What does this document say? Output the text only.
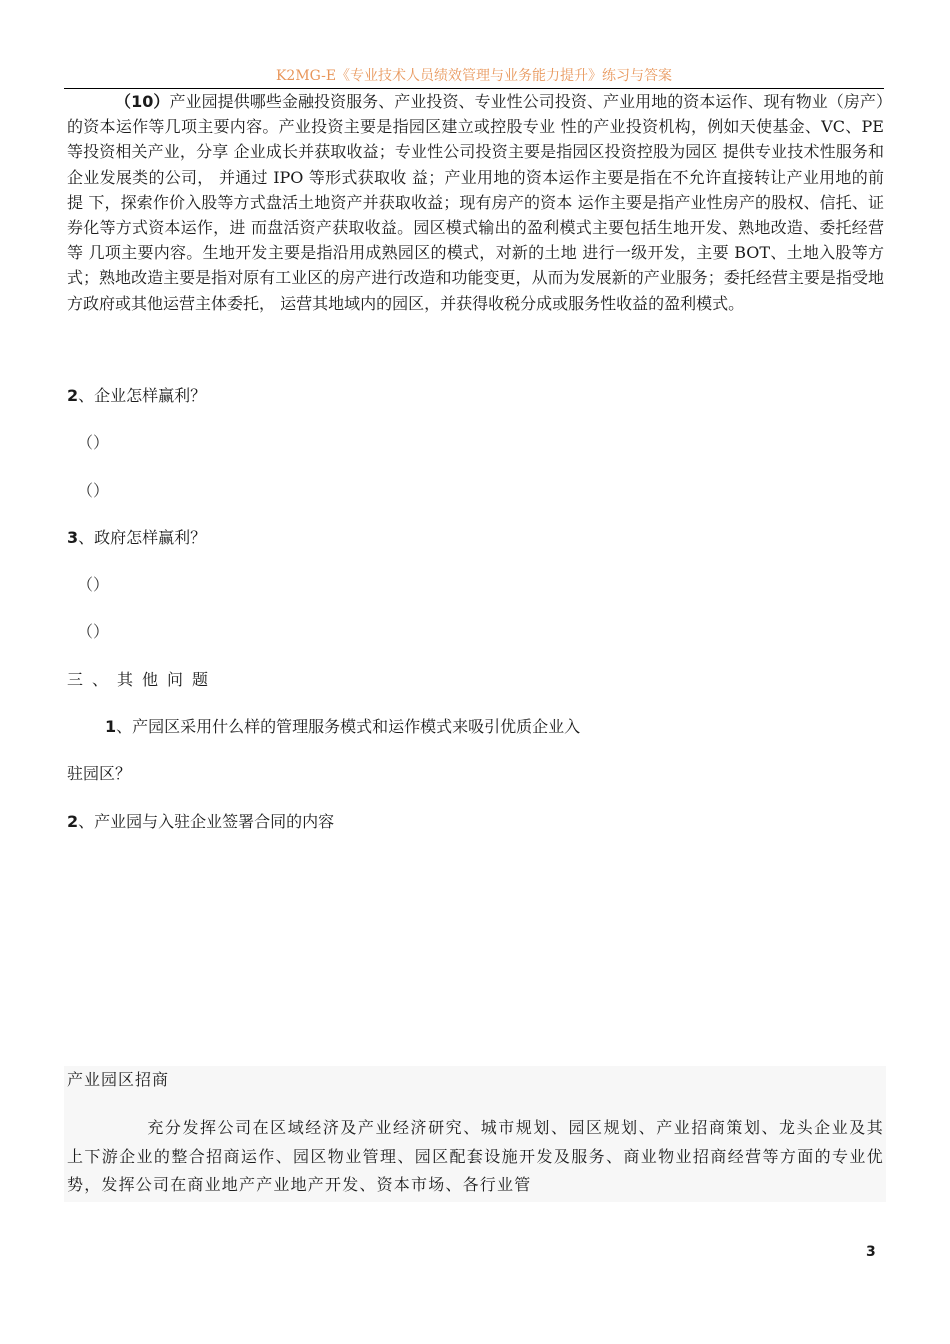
K2MG-E《专业技术人员绩效管理与业务能力提升》练习与答案
（10）产业园提供哪些金融投资服务、产业投资、专业性公司投资、产业用地的资本运作、现有物业（房产）的资本运作等几项主要内容。产业投资主要是指园区建立或控股专业 性的产业投资机构，例如天使基金、VC、PE 等投资相关产业，分享 企业成长并获取收益；专业性公司投资主要是指园区投资控股为园区 提供专业技术性服务和企业发展类的公司， 并通过 IPO 等形式获取收 益；产业用地的资本运作主要是指在不允许直接转让产业用地的前提 下，探索作价入股等方式盘活土地资产并获取收益；现有房产的资本 运作主要是指产业性房产的股权、信托、证券化等方式资本运作，进 而盘活资产获取收益。园区模式输出的盈利模式主要包括生地开发、熟地改造、委托经营等 几项主要内容。生地开发主要是指沿用成熟园区的模式，对新的土地 进行一级开发，主要 BOT、土地入股等方式；熟地改造主要是指对原有工业区的房产进行改造和功能变更，从而为发展新的产业服务；委托经营主要是指受地方政府或其他运营主体委托， 运营其地域内的园区，并获得收税分成或服务性收益的盈利模式。
2、企业怎样赢利？
（）
（）
3、政府怎样赢利？
（）
（）
三、其他问题
1、产园区采用什么样的管理服务模式和运作模式来吸引优质企业入
驻园区？
2、产业园与入驻企业签署合同的内容
产业园区招商
充分发挥公司在区域经济及产业经济研究、城市规划、园区规划、产业招商策划、龙头企业及其上下游企业的整合招商运作、园区物业管理、园区配套设施开发及服务、商业物业招商经营等方面的专业优势，发挥公司在商业地产产业地产开发、资本市场、各行业管
3
